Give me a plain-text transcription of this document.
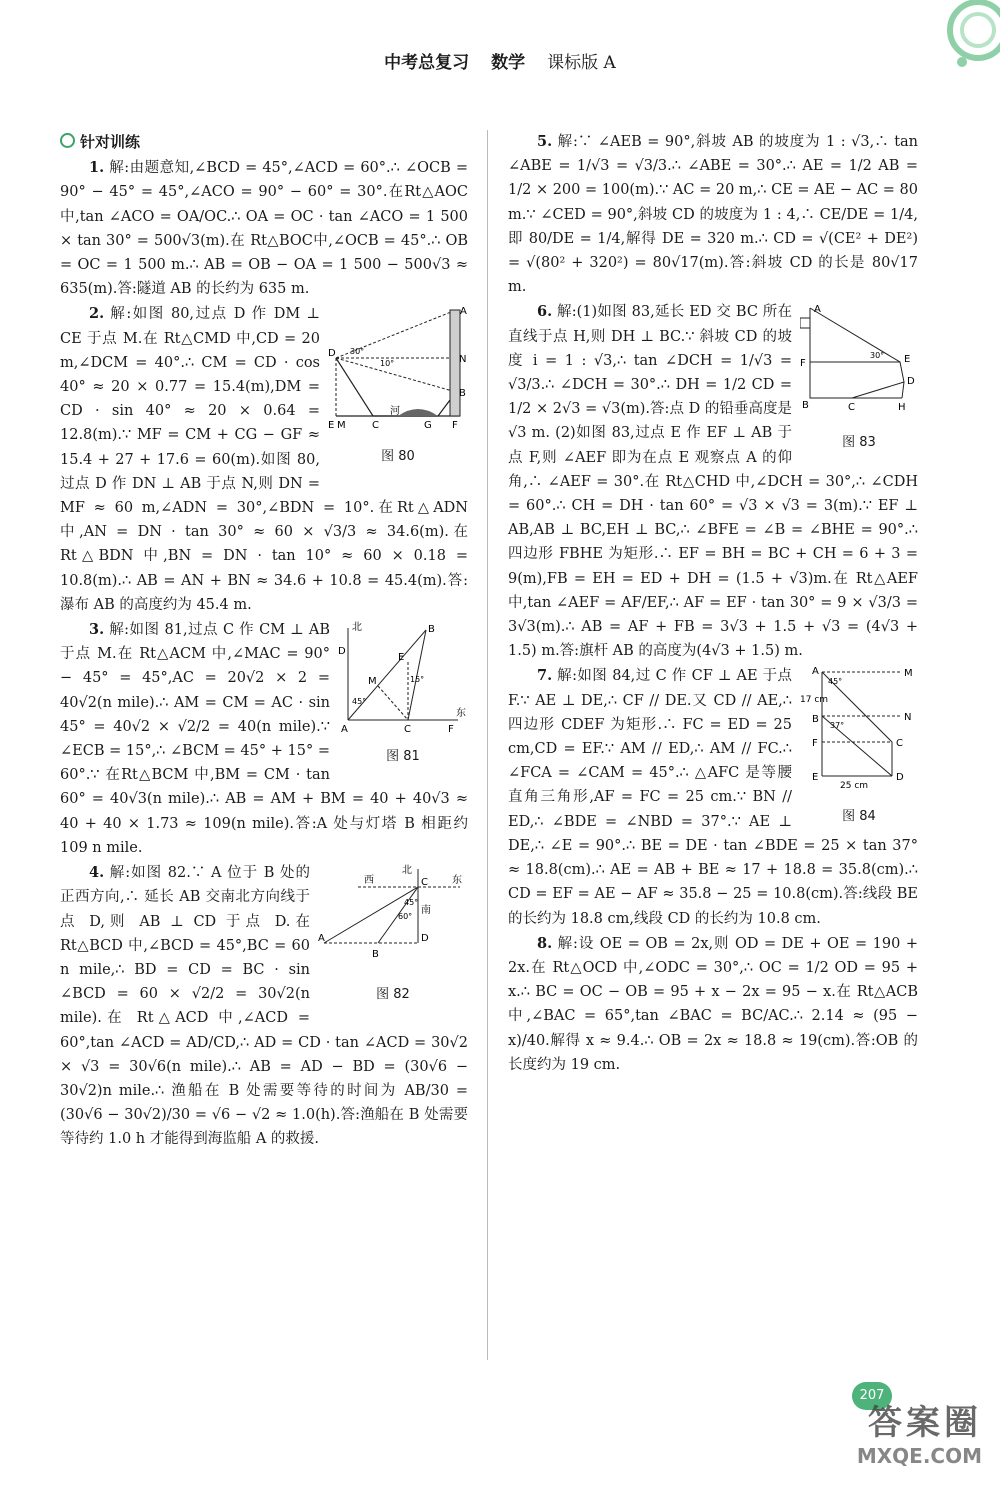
中考总复习 数学 课标版 A
针对训练

1. 解:由题意知,∠BCD = 45°,∠ACD = 60°.∴ ∠OCB = 90° − 45° = 45°,∠ACO = 90° − 60° = 30°.在Rt△AOC 中,tan ∠ACO = OA/OC.∴ OA = OC · tan ∠ACO = 1 500 × tan 30° = 500√3(m).在 Rt△BOC中,∠OCB = 45°.∴ OB = OC = 1 500 m.∴ AB = OB − OA = 1 500 − 500√3 ≈ 635(m).答:隧道 AB 的长约为 635 m.

A
D 30°
10°	N
B
E M	C
河
G F
图 80

2. 解:如图 80,过点 D 作 DM ⊥ CE 于点 M.在 Rt△CMD 中,CD = 20 m,∠DCM = 40°.∴ CM = CD · cos 40° ≈ 20 × 0.77 = 15.4(m),DM = CD · sin 40° ≈ 20 × 0.64 = 12.8(m).∵ MF = CM + CG − GF ≈ 15.4 + 27 + 17.6 = 60(m).如图 80,过点 D 作 DN ⊥ AB 于点 N,则 DN = MF ≈ 60 m,∠ADN = 30°,∠BDN = 10°.在Rt△ADN 中,AN = DN · tan 30° ≈ 60 × √3/3 ≈ 34.6(m).在Rt△BDN 中,BN = DN · tan 10° ≈ 60 × 0.18 = 10.8(m).∴ AB = AN + BN ≈ 34.6 + 10.8 = 45.4(m).答:瀑布 AB 的高度约为 45.4 m.

北	B
D
E
M
45°
15°
A	C	F
东
图 81

3. 解:如图 81,过点 C 作 CM ⊥ AB 于点 M.在 Rt△ACM 中,∠MAC = 90° − 45° = 45°,AC = 20√2 × 2 = 40√2(n mile).∴ AM = CM = AC · sin 45° = 40√2 × √2/2 = 40(n mile).∵ ∠ECB = 15°,∴ ∠BCM = 45° + 15° = 60°.∵ 在Rt△BCM 中,BM = CM · tan 60° = 40√3(n mile).∴ AB = AM + BM = 40 + 40√3 ≈ 40 + 40 × 1.73 ≈ 109(n mile).答:A 处与灯塔 B 相距约 109 n mile.

北
西	C 东
45°
60°
南
D
A
B
图 82

4. 解:如图 82.∵ A 位于 B 处的正西方向,∴ 延长 AB 交南北方向线于点 D,则 AB ⊥ CD 于点 D.在 Rt△BCD 中,∠BCD = 45°,BC = 60 n mile,∴ BD = CD = BC · sin ∠BCD = 60 × √2/2 = 30√2(n mile).在 Rt△ACD 中,∠ACD = 60°,tan ∠ACD = AD/CD,∴ AD = CD · tan ∠ACD = 30√2 × √3 = 30√6(n mile).∴ AB = AD − BD = (30√6 − 30√2)n mile.∴ 渔船在 B 处需要等待的时间为 AB/30 = (30√6 − 30√2)/30 = √6 − √2 ≈ 1.0(h).答:渔船在 B 处需要等待约 1.0 h 才能得到海监船 A 的救援.

5. 解:∵ ∠AEB = 90°,斜坡 AB 的坡度为 1 : √3,∴ tan ∠ABE = 1/√3 = √3/3.∴ ∠ABE = 30°.∴ AE = 1/2 AB = 1/2 × 200 = 100(m).∵ AC = 20 m,∴ CE = AE − AC = 80 m.∵ ∠CED = 90°,斜坡 CD 的坡度为 1 : 4,∴ CE/DE = 1/4,即 80/DE = 1/4,解得 DE = 320 m.∴ CD = √(CE² + DE²) = √(80² + 320²) = 80√17(m).答:斜坡 CD 的长是 80√17 m.

A
F
30° E
D
B	C	H
图 83

6. 解:(1)如图 83,延长 ED 交 BC 所在直线于点 H,则 DH ⊥ BC.∵ 斜坡 CD 的坡度 i = 1 : √3,∴ tan ∠DCH = 1/√3 = √3/3.∴ ∠DCH = 30°.∴ DH = 1/2 CD = 1/2 × 2√3 = √3(m).答:点 D 的铅垂高度是 √3 m. (2)如图 83,过点 E 作 EF ⊥ AB 于点 F,则 ∠AEF 即为在点 E 观察点 A 的仰角,∴ ∠AEF = 30°.在 Rt△CHD 中,∠DCH = 30°,∴ ∠CDH = 60°.∴ CH = DH · tan 60° = √3 × √3 = 3(m).∵ EF ⊥ AB,AB ⊥ BC,EH ⊥ BC,∴ ∠BFE = ∠B = ∠BHE = 90°.∴ 四边形 FBHE 为矩形.∴ EF = BH = BC + CH = 6 + 3 = 9(m),FB = EH = ED + DH = (1.5 + √3)m.在 Rt△AEF 中,tan ∠AEF = AF/EF,∴ AF = EF · tan 30° = 9 × √3/3 = 3√3(m).∴ AB = AF + FB = 3√3 + 1.5 + √3 = (4√3 + 1.5) m.答:旗杆 AB 的高度为(4√3 + 1.5) m.

A
45°
M
17 cm
B
37°
N
F	C
E
25 cm
D
图 84

7. 解:如图 84,过 C 作 CF ⊥ AE 于点 F.∵ AE ⊥ DE,∴ CF // DE.又 CD // AE,∴ 四边形 CDEF 为矩形.∴ FC = ED = 25 cm,CD = EF.∵ AM // ED,∴ AM // FC.∴ ∠FCA = ∠CAM = 45°.∴ △AFC 是等腰直角三角形,AF = FC = 25 cm.∵ BN // ED,∴ ∠BDE = ∠NBD = 37°.∵ AE ⊥ DE,∴ ∠E = 90°.∴ BE = DE · tan ∠BDE = 25 × tan 37° ≈ 18.8(cm).∴ AE = AB + BE ≈ 17 + 18.8 = 35.8(cm).∴ CD = EF = AE − AF ≈ 35.8 − 25 = 10.8(cm).答:线段 BE 的长约为 18.8 cm,线段 CD 的长约为 10.8 cm.

8. 解:设 OE = OB = 2x,则 OD = DE + OE = 190 + 2x.在 Rt△OCD 中,∠ODC = 30°,∴ OC = 1/2 OD = 95 + x.∴ BC = OC − OB = 95 + x − 2x = 95 − x.在 Rt△ACB 中,∠BAC = 65°,tan ∠BAC = BC/AC.∴ 2.14 ≈ (95 − x)/40.解得 x ≈ 9.4.∴ OB = 2x ≈ 18.8 ≈ 19(cm).答:OB 的长度约为 19 cm.

207
答案圈
MXQE.COM
